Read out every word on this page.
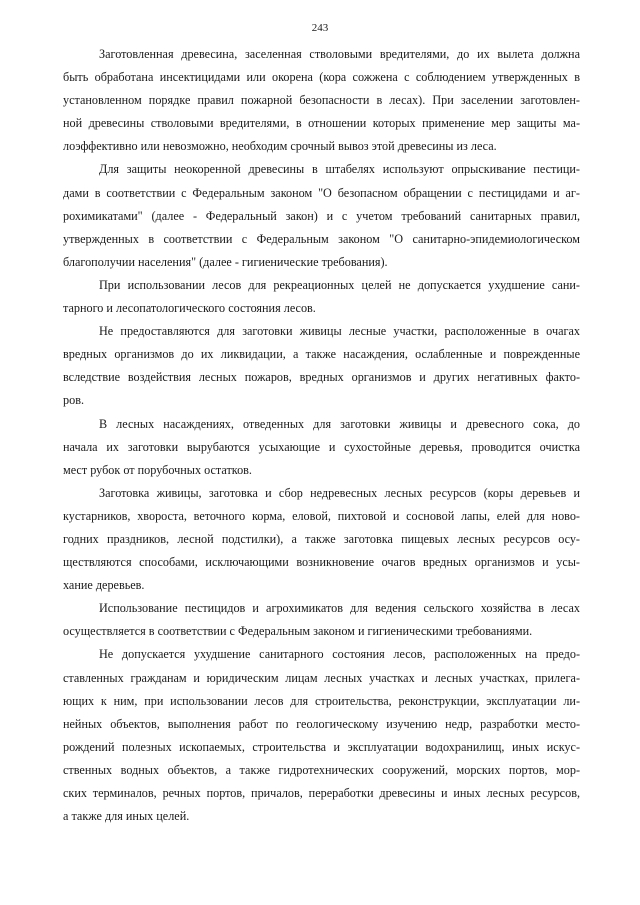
243
Заготовленная древесина, заселенная стволовыми вредителями, до их вылета должна
быть обработана инсектицидами или окорена (кора сожжена с соблюдением утвержденных в
установленном порядке правил пожарной безопасности в лесах). При заселении заготовлен-
ной древесины стволовыми вредителями, в отношении которых применение мер защиты ма-
лоэффективно или невозможно, необходим срочный вывоз этой древесины из леса.
Для защиты неокоренной древесины в штабелях используют опрыскивание пестици-
дами в соответствии с Федеральным законом "О безопасном обращении с пестицидами и аг-
рохимикатами" (далее - Федеральный закон) и с учетом требований санитарных правил,
утвержденных в соответствии с Федеральным законом "О санитарно-эпидемиологическом
благополучии населения" (далее - гигиенические требования).
При использовании лесов для рекреационных целей не допускается ухудшение сани-
тарного и лесопатологического состояния лесов.
Не предоставляются для заготовки живицы лесные участки, расположенные в очагах
вредных организмов до их ликвидации, а также насаждения, ослабленные и поврежденные
вследствие воздействия лесных пожаров, вредных организмов и других негативных факто-
ров.
В лесных насаждениях, отведенных для заготовки живицы и древесного сока, до
начала их заготовки вырубаются усыхающие и сухостойные деревья, проводится очистка
мест рубок от порубочных остатков.
Заготовка живицы, заготовка и сбор недревесных лесных ресурсов (коры деревьев и
кустарников, хвороста, веточного корма, еловой, пихтовой и сосновой лапы, елей для ново-
годних праздников, лесной подстилки), а также заготовка пищевых лесных ресурсов осу-
ществляются способами, исключающими возникновение очагов вредных организмов и усы-
хание деревьев.
Использование пестицидов и агрохимикатов для ведения сельского хозяйства в лесах
осуществляется в соответствии с Федеральным законом и гигиеническими требованиями.
Не допускается ухудшение санитарного состояния лесов, расположенных на предо-
ставленных гражданам и юридическим лицам лесных участках и лесных участках, прилега-
ющих к ним, при использовании лесов для строительства, реконструкции, эксплуатации ли-
нейных объектов, выполнения работ по геологическому изучению недр, разработки место-
рождений полезных ископаемых, строительства и эксплуатации водохранилищ, иных искус-
ственных водных объектов, а также гидротехнических сооружений, морских портов, мор-
ских терминалов, речных портов, причалов, переработки древесины и иных лесных ресурсов,
а также для иных целей.
